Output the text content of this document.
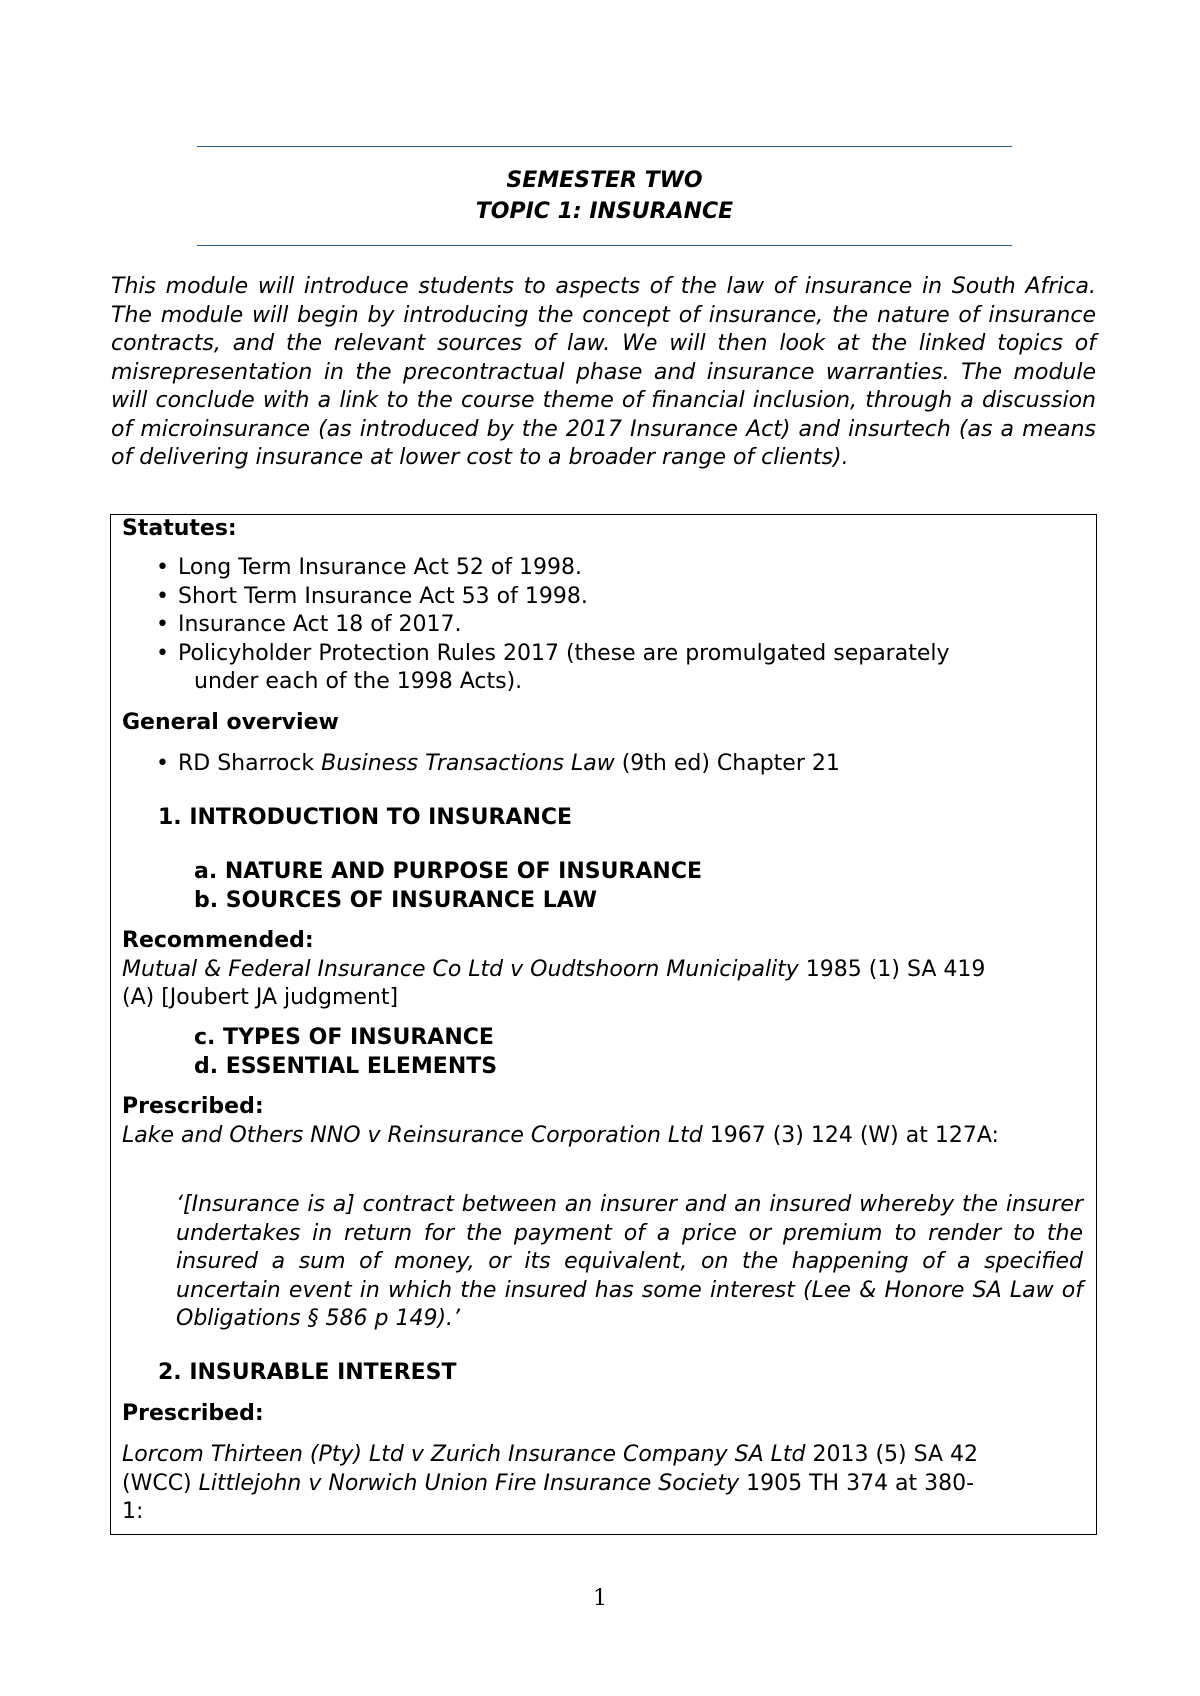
SEMESTER TWO
TOPIC 1: INSURANCE
This module will introduce students to aspects of the law of insurance in South Africa. The module will begin by introducing the concept of insurance, the nature of insurance contracts, and the relevant sources of law. We will then look at the linked topics of misrepresentation in the precontractual phase and insurance warranties. The module will conclude with a link to the course theme of financial inclusion, through a discussion of microinsurance (as introduced by the 2017 Insurance Act) and insurtech (as a means of delivering insurance at lower cost to a broader range of clients).
Statutes:
• Long Term Insurance Act 52 of 1998.
• Short Term Insurance Act 53 of 1998.
• Insurance Act 18 of 2017.
• Policyholder Protection Rules 2017 (these are promulgated separately
under each of the 1998 Acts).
General overview
• RD Sharrock Business Transactions Law (9th ed) Chapter 21
1. INTRODUCTION TO INSURANCE
a. NATURE AND PURPOSE OF INSURANCE
b. SOURCES OF INSURANCE LAW
Recommended:
Mutual & Federal Insurance Co Ltd v Oudtshoorn Municipality 1985 (1) SA 419
(A) [Joubert JA judgment]
c. TYPES OF INSURANCE
d. ESSENTIAL ELEMENTS
Prescribed:
Lake and Others NNO v Reinsurance Corporation Ltd 1967 (3) 124 (W) at 127A:
‘[Insurance is a] contract between an insurer and an insured whereby the insurer undertakes in return for the payment of a price or premium to render to the insured a sum of money, or its equivalent, on the happening of a specified uncertain event in which the insured has some interest (Lee & Honore SA Law of Obligations § 586 p 149).’
2. INSURABLE INTEREST
Prescribed:
Lorcom Thirteen (Pty) Ltd v Zurich Insurance Company SA Ltd 2013 (5) SA 42
(WCC) Littlejohn v Norwich Union Fire Insurance Society 1905 TH 374 at 380-
1:
1
